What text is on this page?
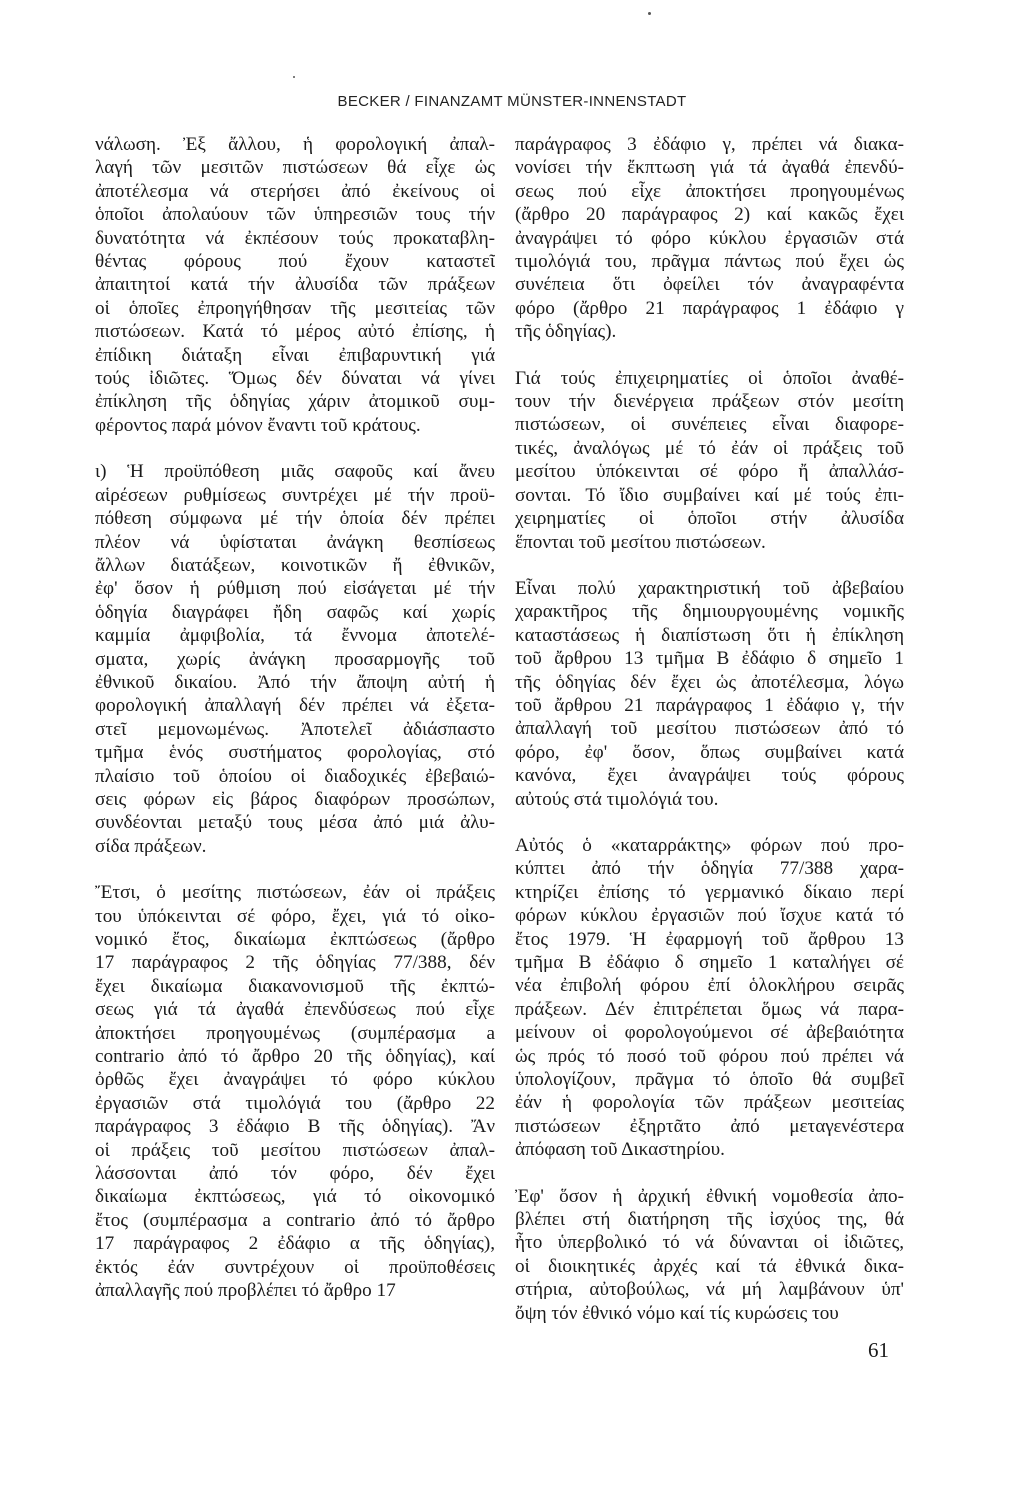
BECKER / FINANZAMT MÜNSTER-INNENSTADT

νάλωση. Ἐξ ἄλλου, ἡ φορολογική ἀπαλ-
λαγή τῶν μεσιτῶν πιστώσεων θά εἶχε ὡς
ἀποτέλεσμα νά στερήσει ἀπό ἐκείνους οἱ
ὁποῖοι ἀπολαύουν τῶν ὑπηρεσιῶν τους τήν
δυνατότητα νά ἐκπέσουν τούς προκαταβλη-
θέντας φόρους πού ἔχουν καταστεῖ
ἀπαιτητοί κατά τήν ἀλυσίδα τῶν πράξεων
οἱ ὁποῖες ἐπροηγήθησαν τῆς μεσιτείας τῶν
πιστώσεων. Κατά τό μέρος αὐτό ἐπίσης, ἡ
ἐπίδικη διάταξη εἶναι ἐπιβαρυντική γιά
τούς ἰδιῶτες. Ὅμως δέν δύναται νά γίνει
ἐπίκληση τῆς ὁδηγίας χάριν ἀτομικοῦ συμ-
φέροντος παρά μόνον ἔναντι τοῦ κράτους.

ι) Ἡ προϋπόθεση μιᾶς σαφοῦς καί ἄνευ
αἱρέσεων ρυθμίσεως συντρέχει μέ τήν προϋ-
πόθεση σύμφωνα μέ τήν ὁποία δέν πρέπει
πλέον νά ὑφίσταται ἀνάγκη θεσπίσεως
ἄλλων διατάξεων, κοινοτικῶν ἤ ἐθνικῶν,
ἐφ' ὅσον ἡ ρύθμιση πού εἰσάγεται μέ τήν
ὁδηγία διαγράφει ἤδη σαφῶς καί χωρίς
καμμία ἀμφιβολία, τά ἔννομα ἀποτελέ-
σματα, χωρίς ἀνάγκη προσαρμογῆς τοῦ
ἐθνικοῦ δικαίου. Ἀπό τήν ἄποψη αὐτή ἡ
φορολογική ἀπαλλαγή δέν πρέπει νά ἐξετα-
στεῖ μεμονωμένως. Ἀποτελεῖ ἀδιάσπαστο
τμῆμα ἑνός συστήματος φορολογίας, στό
πλαίσιο τοῦ ὁποίου οἱ διαδοχικές ἐβεβαιώ-
σεις φόρων εἰς βάρος διαφόρων προσώπων,
συνδέονται μεταξύ τους μέσα ἀπό μιά ἀλυ-
σίδα πράξεων.

Ἔτσι, ὁ μεσίτης πιστώσεων, ἐάν οἱ πράξεις
του ὑπόκεινται σέ φόρο, ἔχει, γιά τό οἰκο-
νομικό ἔτος, δικαίωμα ἐκπτώσεως (ἄρθρο
17 παράγραφος 2 τῆς ὁδηγίας 77/388, δέν
ἔχει δικαίωμα διακανονισμοῦ τῆς ἐκπτώ-
σεως γιά τά ἀγαθά ἐπενδύσεως πού εἶχε
ἀποκτήσει προηγουμένως (συμπέρασμα a
contrario ἀπό τό ἄρθρο 20 τῆς ὁδηγίας), καί
ὀρθῶς ἔχει ἀναγράψει τό φόρο κύκλου
ἐργασιῶν στά τιμολόγιά του (ἄρθρο 22
παράγραφος 3 ἐδάφιο Β τῆς ὁδηγίας). Ἄν
οἱ πράξεις τοῦ μεσίτου πιστώσεων ἀπαλ-
λάσσονται ἀπό τόν φόρο, δέν ἔχει
δικαίωμα ἐκπτώσεως, γιά τό οἰκονομικό
ἔτος (συμπέρασμα a contrario ἀπό τό ἄρθρο
17 παράγραφος 2 ἐδάφιο α τῆς ὁδηγίας),
ἐκτός ἐάν συντρέχουν οἱ προϋποθέσεις
ἀπαλλαγῆς πού προβλέπει τό ἄρθρο 17

παράγραφος 3 ἐδάφιο γ, πρέπει νά διακα-
νονίσει τήν ἔκπτωση γιά τά ἀγαθά ἐπενδύ-
σεως πού εἶχε ἀποκτήσει προηγουμένως
(ἄρθρο 20 παράγραφος 2) καί κακῶς ἔχει
ἀναγράψει τό φόρο κύκλου ἐργασιῶν στά
τιμολόγιά του, πρᾶγμα πάντως πού ἔχει ὡς
συνέπεια ὅτι ὀφείλει τόν ἀναγραφέντα
φόρο (ἄρθρο 21 παράγραφος 1 ἐδάφιο γ
τῆς ὁδηγίας).

Γιά τούς ἐπιχειρηματίες οἱ ὁποῖοι ἀναθέ-
τουν τήν διενέργεια πράξεων στόν μεσίτη
πιστώσεων, οἱ συνέπειες εἶναι διαφορε-
τικές, ἀναλόγως μέ τό ἐάν οἱ πράξεις τοῦ
μεσίτου ὑπόκεινται σέ φόρο ἤ ἀπαλλάσ-
σονται. Τό ἴδιο συμβαίνει καί μέ τούς ἐπι-
χειρηματίες οἱ ὁποῖοι στήν ἀλυσίδα
ἕπονται τοῦ μεσίτου πιστώσεων.

Εἶναι πολύ χαρακτηριστική τοῦ ἀβεβαίου
χαρακτῆρος τῆς δημιουργουμένης νομικῆς
καταστάσεως ἡ διαπίστωση ὅτι ἡ ἐπίκληση
τοῦ ἄρθρου 13 τμῆμα Β ἐδάφιο δ σημεῖο 1
τῆς ὁδηγίας δέν ἔχει ὡς ἀποτέλεσμα, λόγω
τοῦ ἄρθρου 21 παράγραφος 1 ἐδάφιο γ, τήν
ἀπαλλαγή τοῦ μεσίτου πιστώσεων ἀπό τό
φόρο, ἐφ' ὅσον, ὅπως συμβαίνει κατά
κανόνα, ἔχει ἀναγράψει τούς φόρους
αὐτούς στά τιμολόγιά του.

Αὐτός ὁ «καταρράκτης» φόρων πού προ-
κύπτει ἀπό τήν ὁδηγία 77/388 χαρα-
κτηρίζει ἐπίσης τό γερμανικό δίκαιο περί
φόρων κύκλου ἐργασιῶν πού ἴσχυε κατά τό
ἔτος 1979. Ἡ ἐφαρμογή τοῦ ἄρθρου 13
τμῆμα Β ἐδάφιο δ σημεῖο 1 καταλήγει σέ
νέα ἐπιβολή φόρου ἐπί ὁλοκλήρου σειρᾶς
πράξεων. Δέν ἐπιτρέπεται ὅμως νά παρα-
μείνουν οἱ φορολογούμενοι σέ ἀβεβαιότητα
ὡς πρός τό ποσό τοῦ φόρου πού πρέπει νά
ὑπολογίζουν, πρᾶγμα τό ὁποῖο θά συμβεῖ
ἐάν ἡ φορολογία τῶν πράξεων μεσιτείας
πιστώσεων ἐξηρτᾶτο ἀπό μεταγενέστερα
ἀπόφαση τοῦ Δικαστηρίου.

Ἐφ' ὅσον ἡ ἀρχική ἐθνική νομοθεσία ἀπο-
βλέπει στή διατήρηση τῆς ἰσχύος της, θά
ἦτο ὑπερβολικό τό νά δύνανται οἱ ἰδιῶτες,
οἱ διοικητικές ἀρχές καί τά ἐθνικά δικα-
στήρια, αὐτοβούλως, νά μή λαμβάνουν ὑπ'
ὄψη τόν ἐθνικό νόμο καί τίς κυρώσεις του

61
